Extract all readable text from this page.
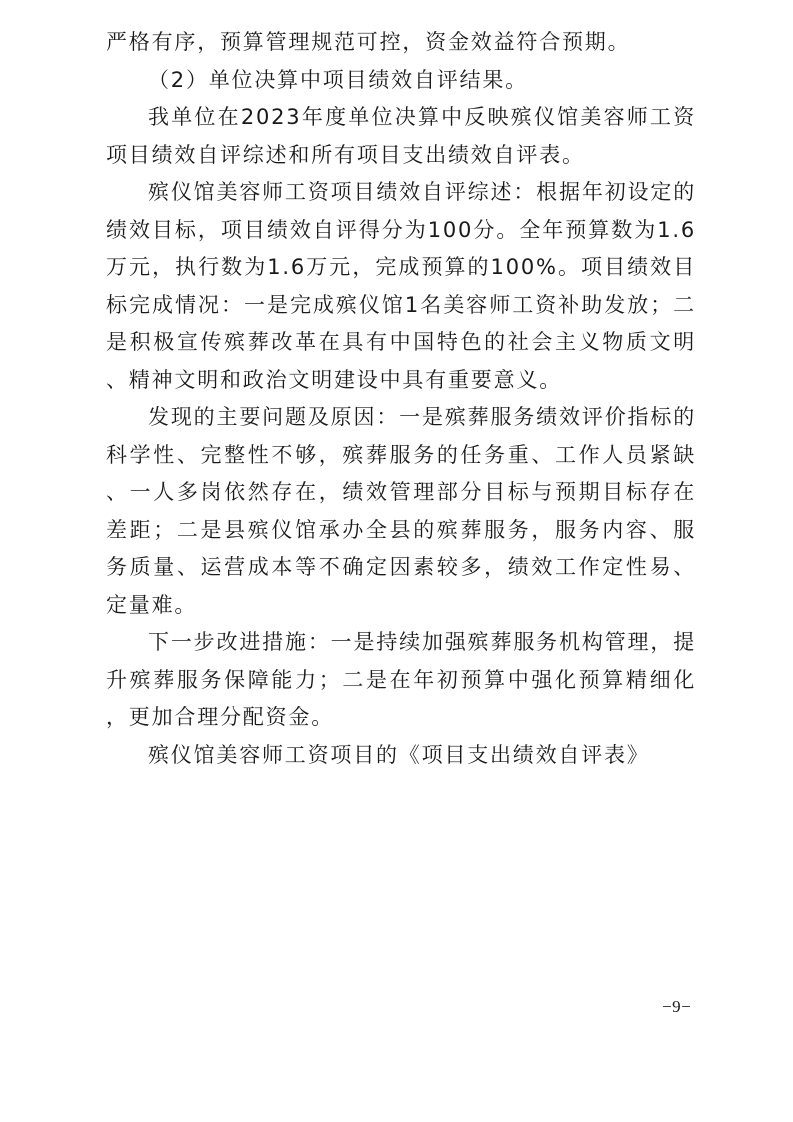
严格有序，预算管理规范可控，资金效益符合预期。

（2）单位决算中项目绩效自评结果。

我单位在2023年度单位决算中反映殡仪馆美容师工资项目绩效自评综述和所有项目支出绩效自评表。

殡仪馆美容师工资项目绩效自评综述：根据年初设定的绩效目标，项目绩效自评得分为100分。全年预算数为1.6万元，执行数为1.6万元，完成预算的100%。项目绩效目标完成情况：一是完成殡仪馆1名美容师工资补助发放；二是积极宣传殡葬改革在具有中国特色的社会主义物质文明、精神文明和政治文明建设中具有重要意义。

发现的主要问题及原因：一是殡葬服务绩效评价指标的科学性、完整性不够，殡葬服务的任务重、工作人员紧缺、一人多岗依然存在，绩效管理部分目标与预期目标存在差距；二是县殡仪馆承办全县的殡葬服务，服务内容、服务质量、运营成本等不确定因素较多，绩效工作定性易、定量难。

下一步改进措施：一是持续加强殡葬服务机构管理，提升殡葬服务保障能力；二是在年初预算中强化预算精细化，更加合理分配资金。

殡仪馆美容师工资项目的《项目支出绩效自评表》

−9−
